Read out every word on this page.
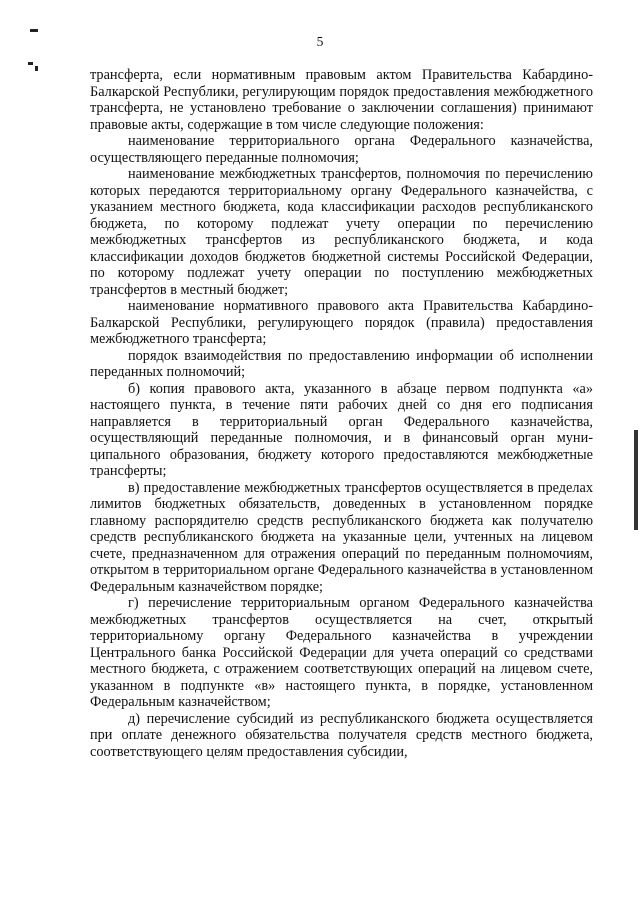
5

трансферта, если нормативным правовым актом Правительства Кабардино-Балкарской Республики, регулирующим порядок предоставления межбюджетного трансферта, не установлено требование о заключении соглашения) принимают правовые акты, содержащие в том числе следующие положения:

наименование территориального органа Федерального казначейства, осуществляющего переданные полномочия;

наименование межбюджетных трансфертов, полномочия по перечислению которых передаются территориальному органу Федерального казначейства, с указанием местного бюджета, кода классификации расходов республиканского бюджета, по которому подлежат учету операции по перечислению межбюджетных трансфертов из республиканского бюджета, и кода классификации доходов бюджетов бюджетной системы Российской Федерации, по которому подлежат учету операции по поступлению межбюджетных трансфертов в местный бюджет;

наименование нормативного правового акта Правительства Кабардино-Балкарской Республики, регулирующего порядок (правила) предоставления межбюджетного трансферта;

порядок взаимодействия по предоставлению информации об исполнении переданных полномочий;

б) копия правового акта, указанного в абзаце первом подпункта «а» настоящего пункта, в течение пяти рабочих дней со дня его подписания направляется в территориальный орган Федерального казначейства, осуществляющий переданные полномочия, и в финансовый орган муниципального образования, бюджету которого предоставляются межбюджетные трансферты;

в) предоставление межбюджетных трансфертов осуществляется в пределах лимитов бюджетных обязательств, доведенных в установленном порядке главному распорядителю средств республиканского бюджета как получателю средств республиканского бюджета на указанные цели, учтенных на лицевом счете, предназначенном для отражения операций по переданным полномочиям, открытом в территориальном органе Федерального казначейства в установленном Федеральным казначейством порядке;

г) перечисление территориальным органом Федерального казначейства межбюджетных трансфертов осуществляется на счет, открытый территориальному органу Федерального казначейства в учреждении Центрального банка Российской Федерации для учета операций со средствами местного бюджета, с отражением соответствующих операций на лицевом счете, указанном в подпункте «в» настоящего пункта, в порядке, установленном Федеральным казначейством;

д) перечисление субсидий из республиканского бюджета осуществляется при оплате денежного обязательства получателя средств местного бюджета, соответствующего целям предоставления субсидии,
